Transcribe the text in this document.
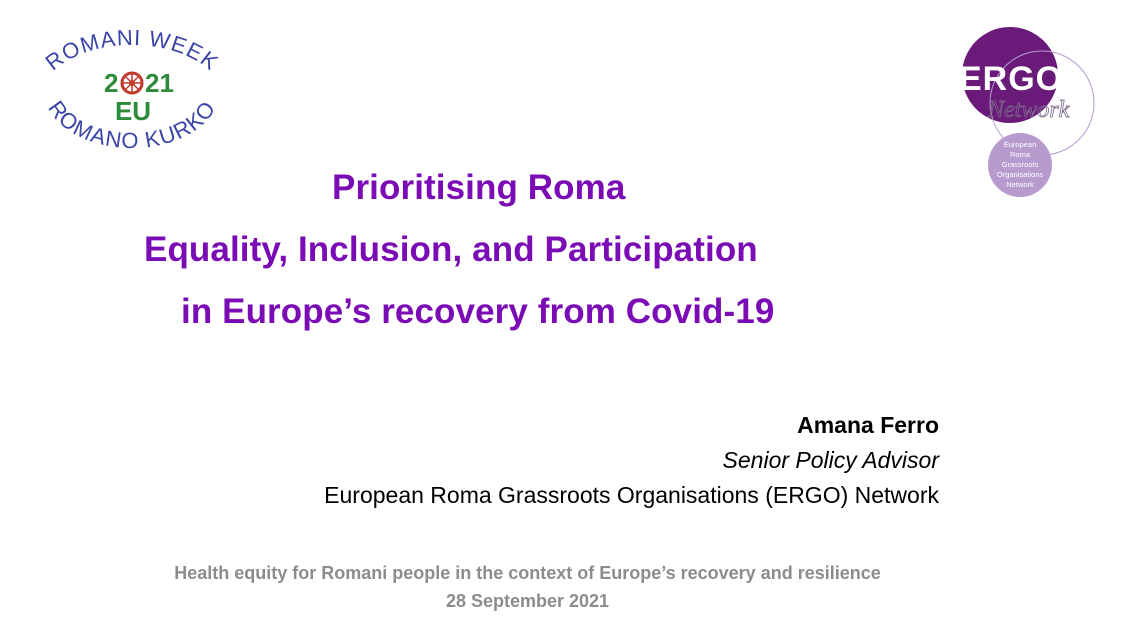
ROMANI WEEK
ROMANO KURKO
2 21
EU
ERGO
Network
European
Roma
Grassroots
Organisations
Network
Prioritising Roma
Equality, Inclusion, and Participation
in Europe’s recovery from Covid-19
Amana Ferro
Senior Policy Advisor
European Roma Grassroots Organisations (ERGO) Network
Health equity for Romani people in the context of Europe’s recovery and resilience
28 September 2021
